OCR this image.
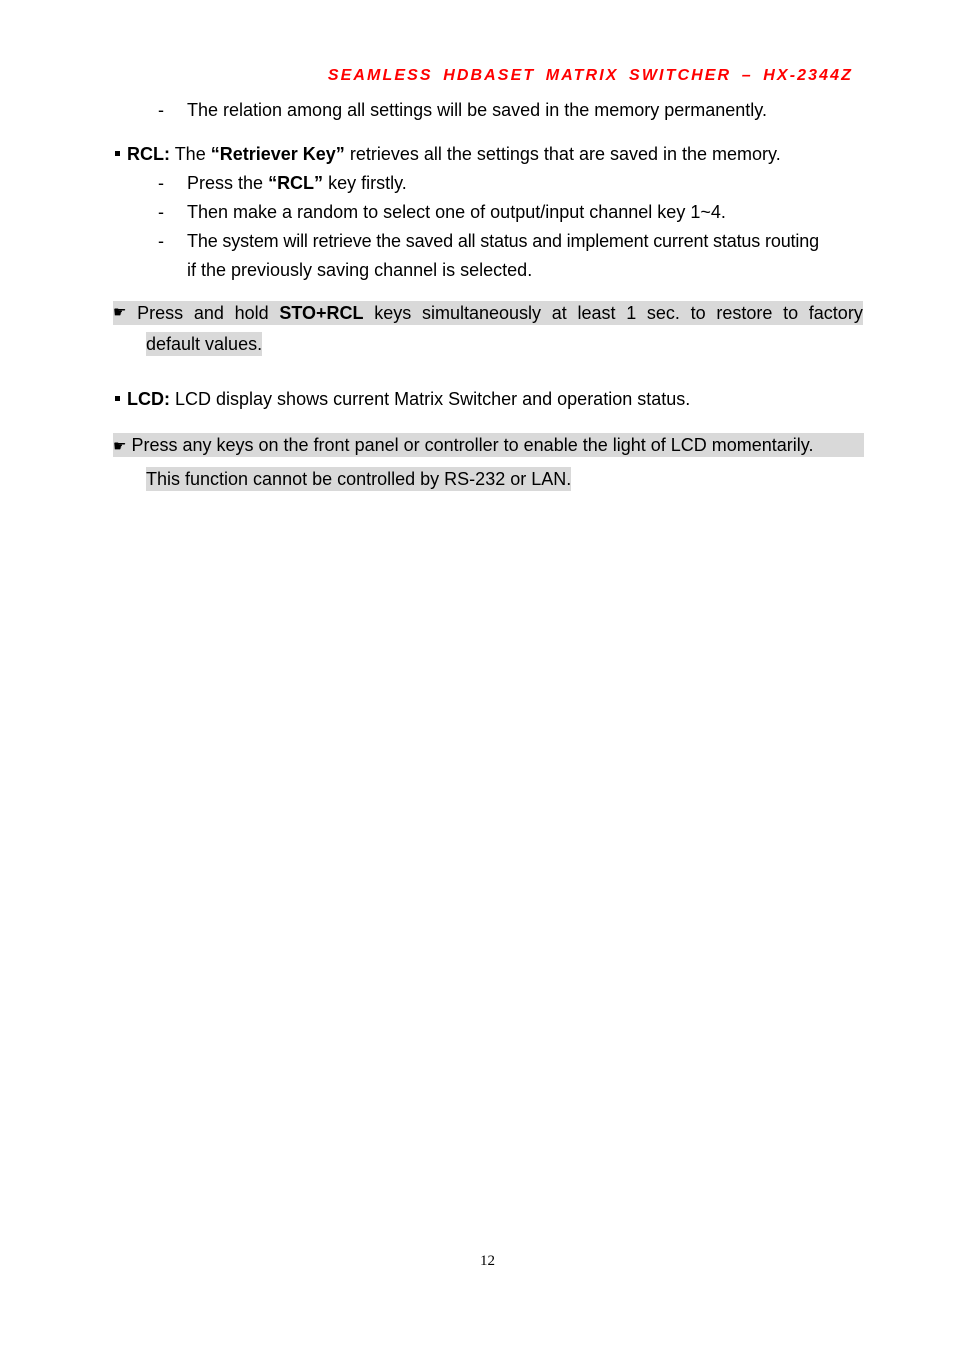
SEAMLESS HDBASET MATRIX SWITCHER – HX-2344Z
- The relation among all settings will be saved in the memory permanently.
RCL: The “Retriever Key” retrieves all the settings that are saved in the memory.
- Press the “RCL” key firstly.
- Then make a random to select one of output/input channel key 1~4.
- The system will retrieve the saved all status and implement current status routing
if the previously saving channel is selected.
☛ Press and hold STO+RCL keys simultaneously at least 1 sec. to restore to factory
default values.
LCD: LCD display shows current Matrix Switcher and operation status.
☛ Press any keys on the front panel or controller to enable the light of LCD momentarily.
This function cannot be controlled by RS-232 or LAN.
12
